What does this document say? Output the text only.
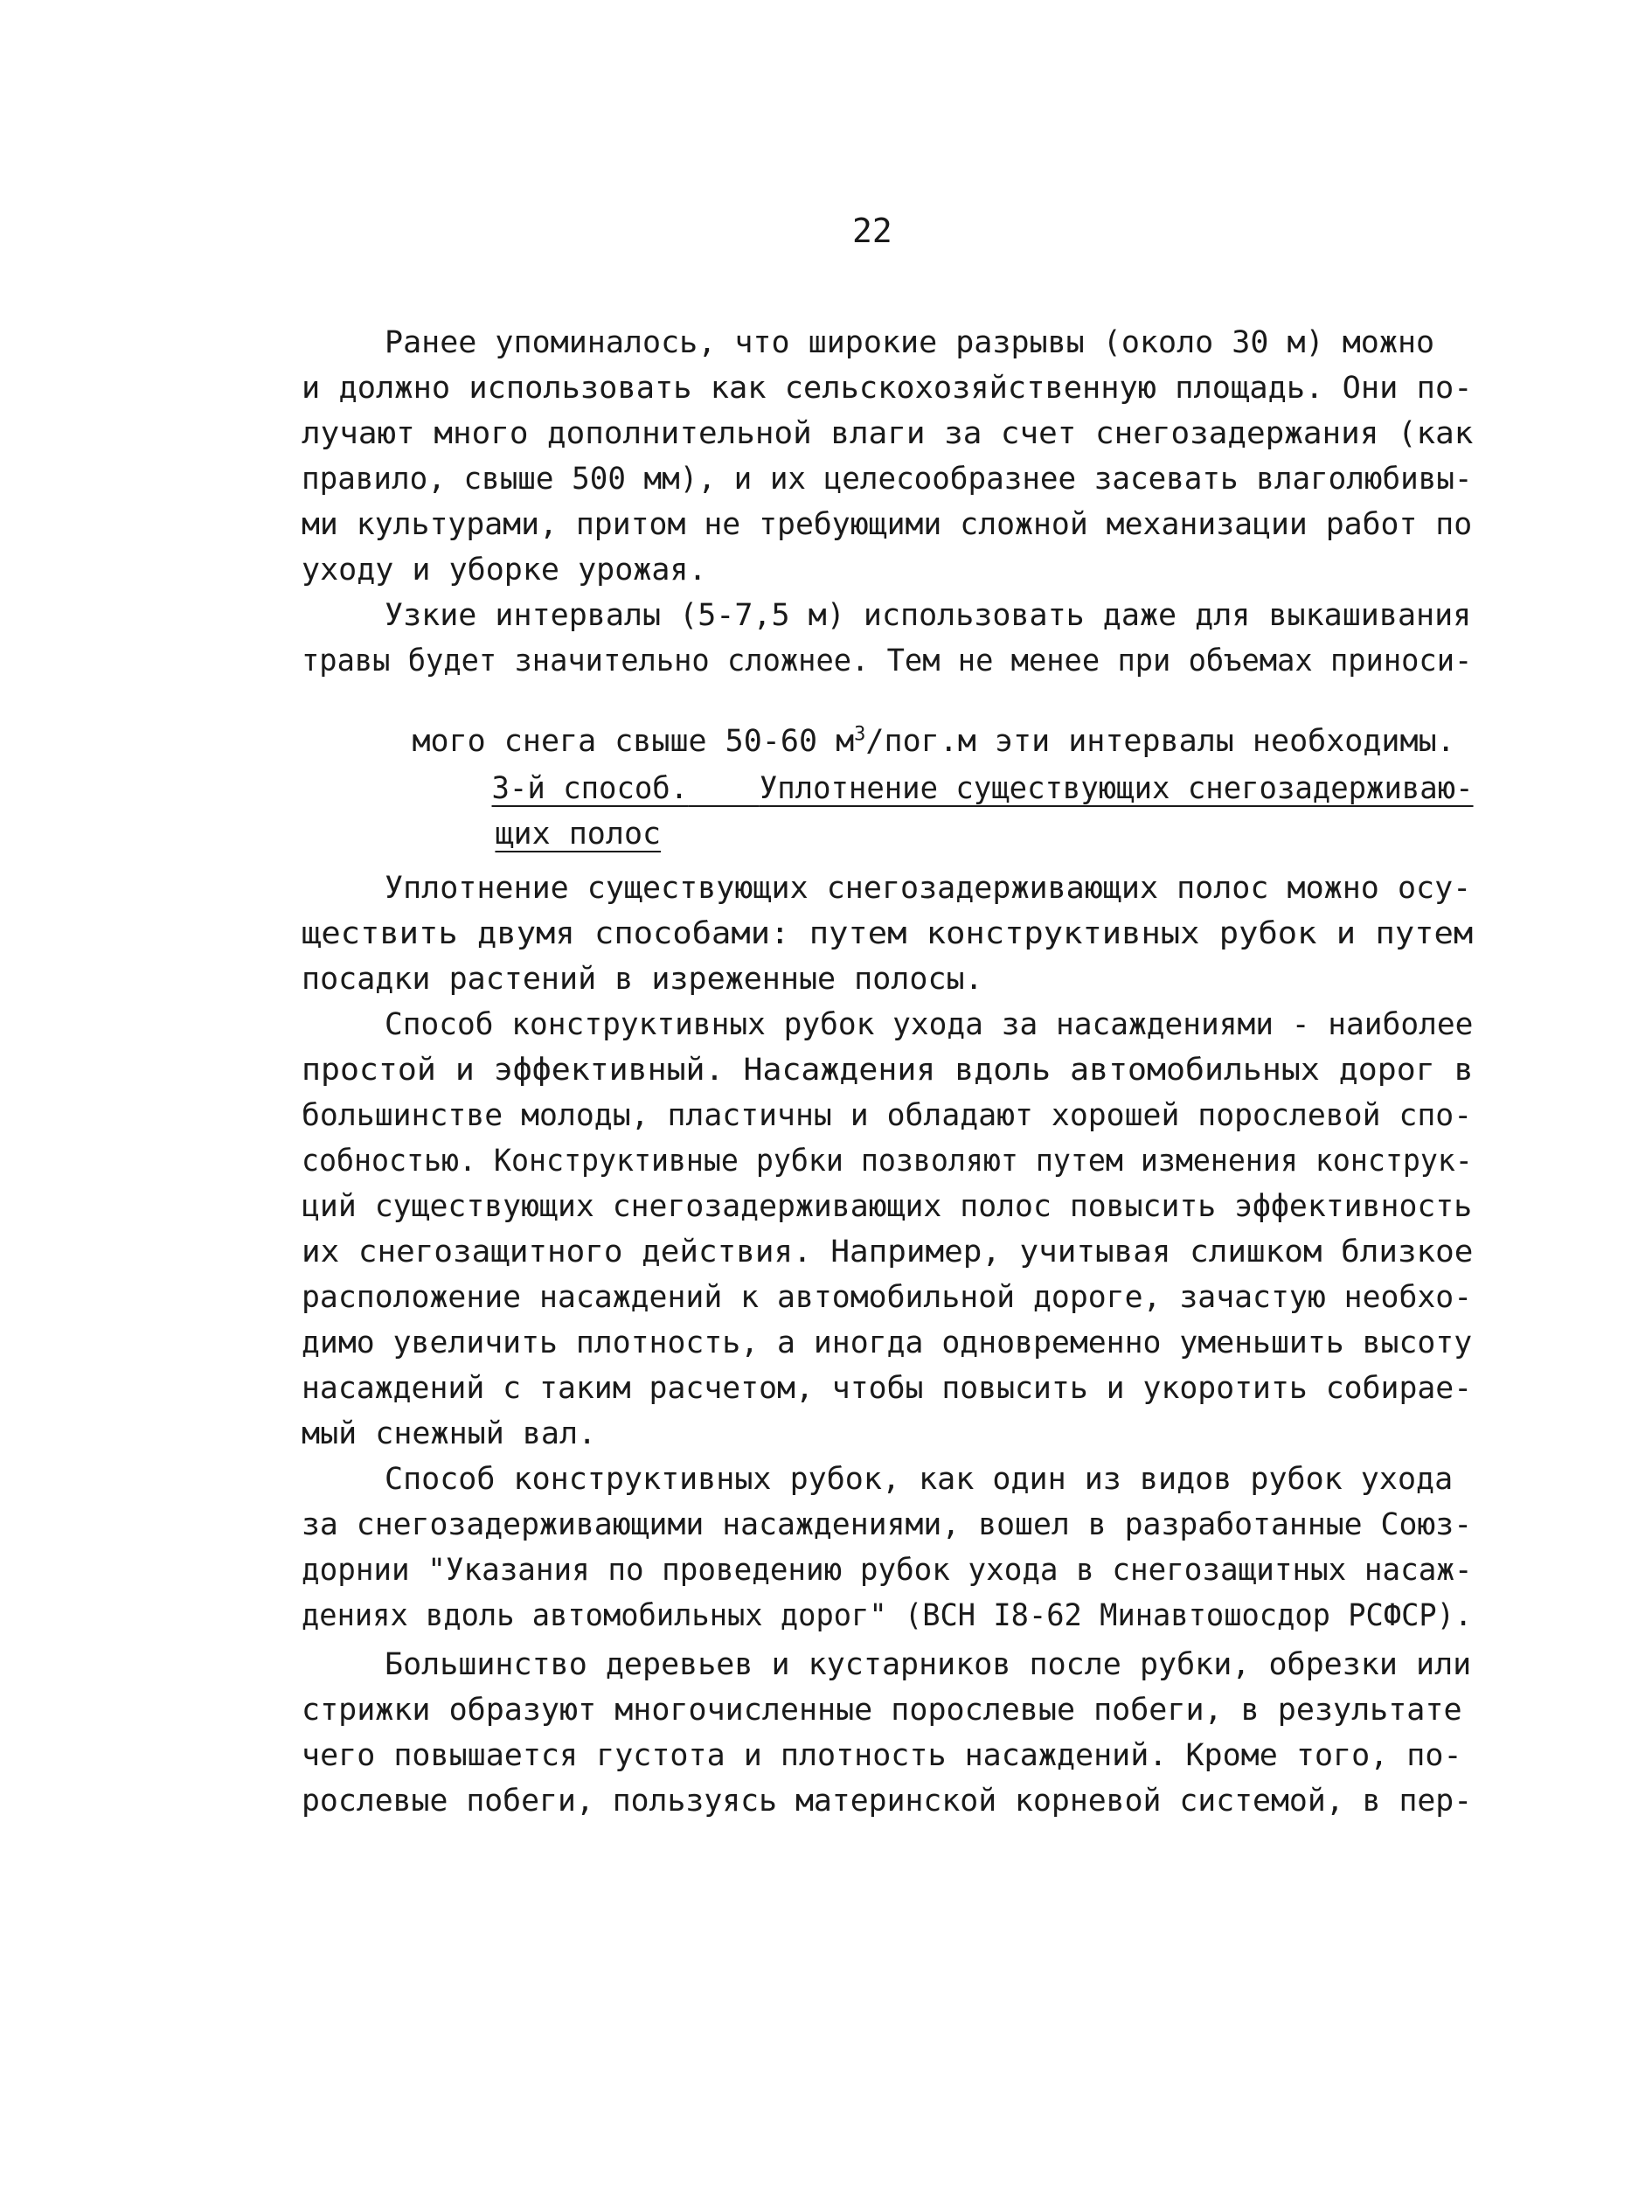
22
Ранее упоминалось, что широкие разрывы (около 30 м) можно
и должно использовать как сельскохозяйственную площадь. Они по-
лучают много дополнительной влаги за счет снегозадержания (как
правило, свыше 500 мм), и их целесообразнее засевать влаголюбивы-
ми культурами, притом не требующими сложной механизации работ по
уходу и уборке урожая.
Узкие интервалы (5-7,5 м) использовать даже для выкашивания
травы будет значительно сложнее. Тем не менее при объемах приноси-

мого снега свыше 50-60 $м^3/пог.м$ эти интервалы необходимы.

3-й способ. Уплотнение существующих снегозадерживаю-

щих полос

Уплотнение существующих снегозадерживающих полос можно осу-
ществить двумя способами: путем конструктивных рубок и путем
посадки растений в изреженные полосы.
Способ конструктивных рубок ухода за насаждениями - наиболее
простой и эффективный. Насаждения вдоль автомобильных дорог в
большинстве молоды, пластичны и обладают хорошей порослевой спо-
собностью. Конструктивные рубки позволяют путем изменения конструк-
ций существующих снегозадерживающих полос повысить эффективность
их снегозащитного действия. Например, учитывая слишком близкое
расположение насаждений к автомобильной дороге, зачастую необхо-
димо увеличить плотность, а иногда одновременно уменьшить высоту
насаждений с таким расчетом, чтобы повысить и укоротить собирае-
мый снежный вал.
Способ конструктивных рубок, как один из видов рубок ухода
за снегозадерживающими насаждениями, вошел в разработанные Союз-
дорнии "Указания по проведению рубок ухода в снегозащитных насаж-
дениях вдоль автомобильных дорог" (ВСН I8-62 Минавтошосдор РСФСР).
Большинство деревьев и кустарников после рубки, обрезки или
стрижки образуют многочисленные порослевые побеги, в результате
чего повышается густота и плотность насаждений. Кроме того, по-
рослевые побеги, пользуясь материнской корневой системой, в пер-
